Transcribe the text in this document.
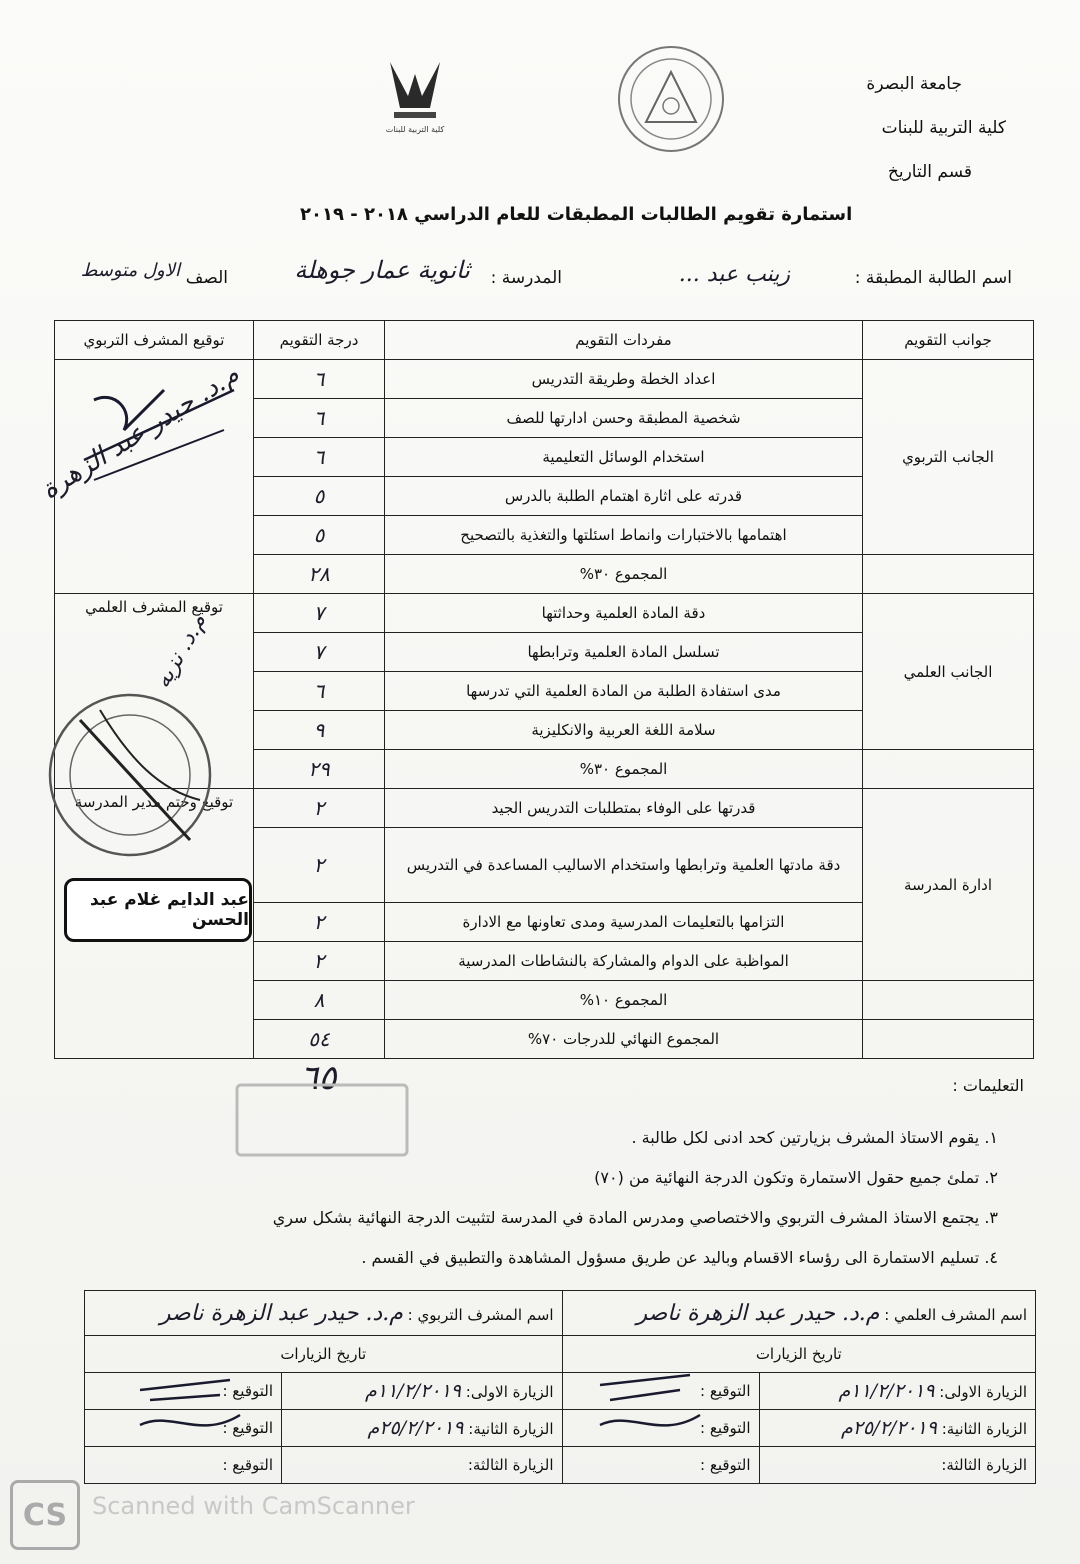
جامعة البصرة
كلية التربية للبنات
قسم التاريخ
كلية التربية للبنات
استمارة تقويم الطالبات المطبقات للعام الدراسي ٢٠١٨ - ٢٠١٩
اسم الطالبة المطبقة :
زينب عبد ...
المدرسة :
ثانوية عمار جوهلة
الصف
الاول متوسط
جوانب التقويم	مفردات التقويم	درجة التقويم	توقيع المشرف التربوي
الجانب التربوي	اعداد الخطة وطريقة التدريس	٦	
	شخصية المطبقة وحسن ادارتها للصف	٦	
	استخدام الوسائل التعليمية	٦	
	قدرته على اثارة اهتمام الطلبة بالدرس	٥	
	اهتمامها بالاختبارات وانماط اسئلتها والتغذية بالتصحيح	٥	
	المجموع ٣٠%	٢٨	
الجانب العلمي	دقة المادة العلمية وحداثتها	٧	توقيع المشرف العلمي
	تسلسل المادة العلمية وترابطها	٧	
	مدى استفادة الطلبة من المادة العلمية التي تدرسها	٦	
	سلامة اللغة العربية والانكليزية	٩	
	المجموع ٣٠%	٢٩	
ادارة المدرسة	قدرتها على الوفاء بمتطلبات التدريس الجيد	٢	توقيع وختم مدير المدرسة
	دقة مادتها العلمية وترابطها واستخدام الاساليب المساعدة في التدريس	٢	
	التزامها بالتعليمات المدرسية ومدى تعاونها مع الادارة	٢	
	المواظبة على الدوام والمشاركة بالنشاطات المدرسية	٢	
	المجموع ١٠%	٨	
	المجموع النهائي للدرجات ٧٠%	٥٤	
م.د. حيدر عبد الزهرة
م.د. نزيه
عبد الدايم غلام عبد الحسن
٦٥	التعليمات :
١. يقوم الاستاذ المشرف بزيارتين كحد ادنى لكل طالبة .
٢. تملئ جميع حقول الاستمارة وتكون الدرجة النهائية من (٧٠)
٣. يجتمع الاستاذ المشرف التربوي والاختصاصي ومدرس المادة في المدرسة لتثبيت الدرجة النهائية بشكل سري
٤. تسليم الاستمارة الى رؤساء الاقسام وباليد عن طريق مسؤول المشاهدة والتطبيق في القسم .
اسم المشرف العلمي : م.د. حيدر عبد الزهرة ناصر		اسم المشرف التربوي : م.د. حيدر عبد الزهرة ناصر	
تاريخ الزيارات		تاريخ الزيارات	
الزيارة الاولى: ١١/٢/٢٠١٩م	التوقيع :	الزيارة الاولى: ١١/٢/٢٠١٩م	التوقيع :
الزيارة الثانية: ٢٥/٢/٢٠١٩م	التوقيع :	الزيارة الثانية: ٢٥/٢/٢٠١٩م	التوقيع :
الزيارة الثالثة:	التوقيع :	الزيارة الثالثة:	التوقيع :
CS	Scanned with CamScanner
